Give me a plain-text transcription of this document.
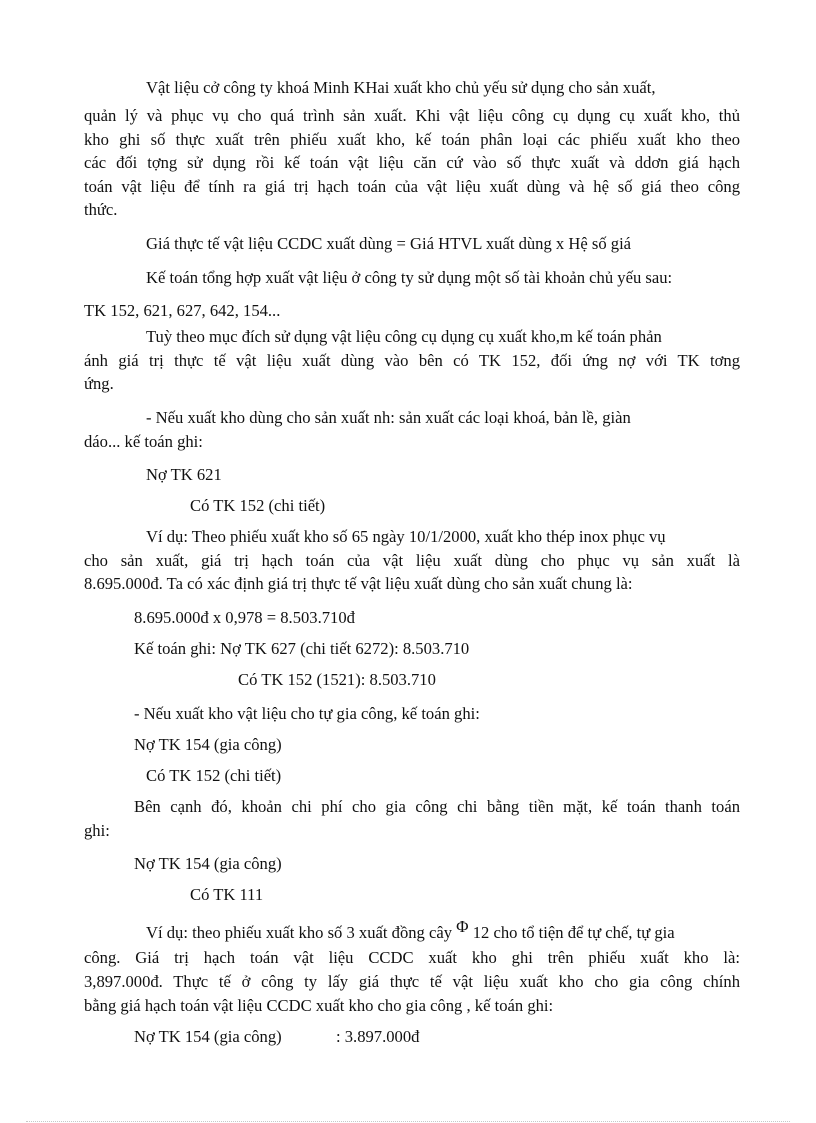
Vật liệu cở công ty khoá Minh KHai xuất kho chủ yếu sử dụng cho sản xuất,
quản lý và phục vụ cho quá trình sản xuất. Khi vật liệu công cụ dụng cụ xuất kho, thủ
kho ghi số thực xuất trên phiếu xuất kho, kế toán phân loại các phiếu xuất kho theo
các đối tợng sử dụng rồi kế toán vật liệu căn cứ vào số thực xuất và ddơn giá hạch
toán vật liệu để tính ra giá trị hạch toán của vật liệu xuất dùng và hệ số giá theo công
thức.
Giá thực tế vật liệu CCDC xuất dùng = Giá HTVL xuất dùng x Hệ số giá
Kế toán tổng hợp xuất vật liệu ở công ty sử dụng một số tài khoản chủ yếu sau:
TK 152, 621, 627, 642, 154...
Tuỳ theo mục đích sử dụng vật liệu công cụ dụng cụ xuất kho,m kế toán phản
ánh giá trị thực tế vật liệu xuất dùng vào bên có TK 152, đối ứng nợ với TK tơng
ứng.
- Nếu xuất kho dùng cho sản xuất nh: sản xuất các loại khoá, bản lề, giàn
dáo... kế toán ghi:
Nợ TK 621
Có TK 152 (chi tiết)
Ví dụ: Theo phiếu xuất kho số 65 ngày 10/1/2000, xuất kho thép inox phục vụ
cho sản xuất, giá trị hạch toán của vật liệu xuất dùng cho phục vụ sản xuất là
8.695.000đ. Ta có xác định giá trị thực tế vật liệu xuất dùng cho sản xuất chung là:
8.695.000đ x 0,978 = 8.503.710đ
Kế toán ghi: Nợ TK 627 (chi tiết 6272): 8.503.710
Có TK 152 (1521): 8.503.710
- Nếu xuất kho vật liệu cho tự gia công, kế toán ghi:
Nợ TK 154 (gia công)
Có TK 152 (chi tiết)
Bên cạnh đó, khoản chi phí cho gia công chi bằng tiền mặt, kế toán thanh toán
ghi:
Nợ TK 154 (gia công)
Có TK 111
Ví dụ: theo phiếu xuất kho số 3 xuất đồng cây Φ 12 cho tổ tiện để tự chế, tự gia
công. Giá trị hạch toán vật liệu CCDC xuất kho ghi trên phiếu xuất kho là:
3,897.000đ. Thực tế ở công ty lấy giá thực tế vật liệu xuất kho cho gia công chính
bằng giá hạch toán vật liệu CCDC xuất kho cho gia công , kế toán ghi:
Nợ TK 154 (gia công)	: 3.897.000đ
